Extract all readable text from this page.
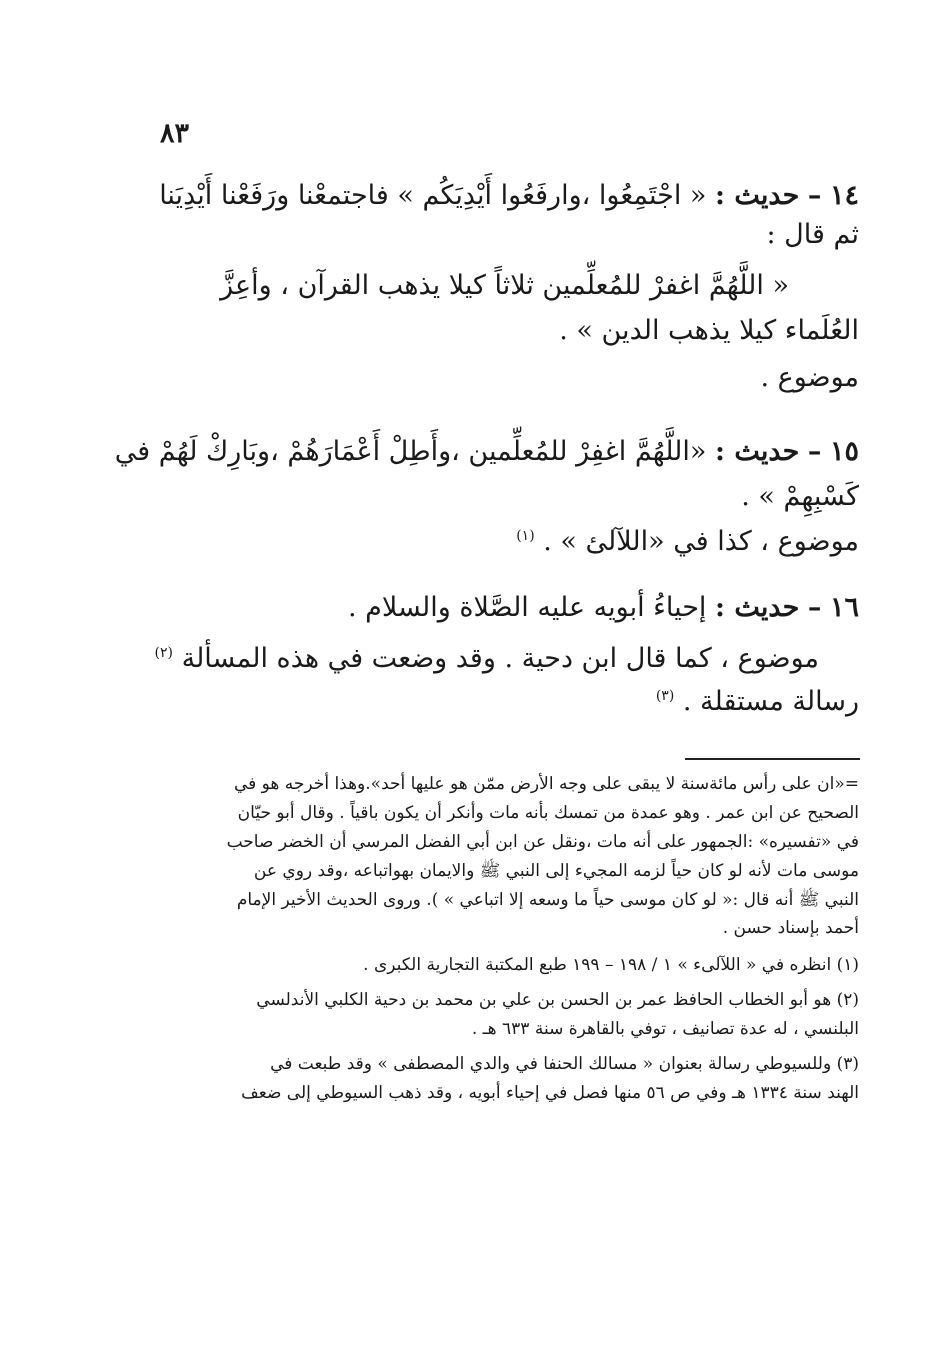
٨٣
١٤ – حديث : « اجْتَمِعُوا ،وارفَعُوا أَيْدِيَكُم » فاجتمعْنا ورَفَعْنا أَيْدِيَنا
ثم قال :
« اللَّهُمَّ اغفرْ للمُعلِّمين ثلاثاً كيلا يذهب القرآن ، وأعِزَّ
العُلَماء كيلا يذهب الدين » .
موضوع .
١٥ – حديث : «اللَّهُمَّ اغفِرْ للمُعلِّمين ،وأَطِلْ أَعْمَارَهُمْ ،وبَارِكْ لَهُمْ في
كَسْبِهِمْ » .
موضوع ، كذا في «اللآلئ » . $^{(١)}$
١٦ – حديث : إحياءُ أبويه عليه الصَّلاة والسلام .
موضوع ، كما قال ابن دحية . وقد وضعت في هذه المسألة $^{(٢)}$
رسالة مستقلة . $^{(٣)}$
=«ان على رأس مائةسنة لا يبقى على وجه الأرض ممّن هو عليها أحد».وهذا أخرجه هو في
الصحيح عن ابن عمر . وهو عمدة من تمسك بأنه مات وأنكر أن يكون باقياً . وقال أبو حيّان
في «تفسيره» :الجمهور على أنه مات ،ونقل عن ابن أبي الفضل المرسي أن الخضر صاحب
موسى مات لأنه لو كان حياً لزمه المجيء إلى النبي ﷺ والايمان بهواتباعه ،وقد روي عن
النبي ﷺ أنه قال :« لو كان موسى حياً ما وسعه إلا اتباعي » ). وروى الحديث الأخير الإمام
أحمد بإسناد حسن .
(١) انظره في « اللآلىء » ١ / ١٩٨ – ١٩٩ طبع المكتبة التجارية الكبرى .
(٢) هو أبو الخطاب الحافظ عمر بن الحسن بن علي بن محمد بن دحية الكلبي الأندلسي
البلنسي ، له عدة تصانيف ، توفي بالقاهرة سنة ٦٣٣ هـ .
(٣) وللسيوطي رسالة بعنوان « مسالك الحنفا في والدي المصطفى » وقد طبعت في
الهند سنة ١٣٣٤ هـ وفي ص ٥٦ منها فصل في إحياء أبويه ، وقد ذهب السيوطي إلى ضعف
